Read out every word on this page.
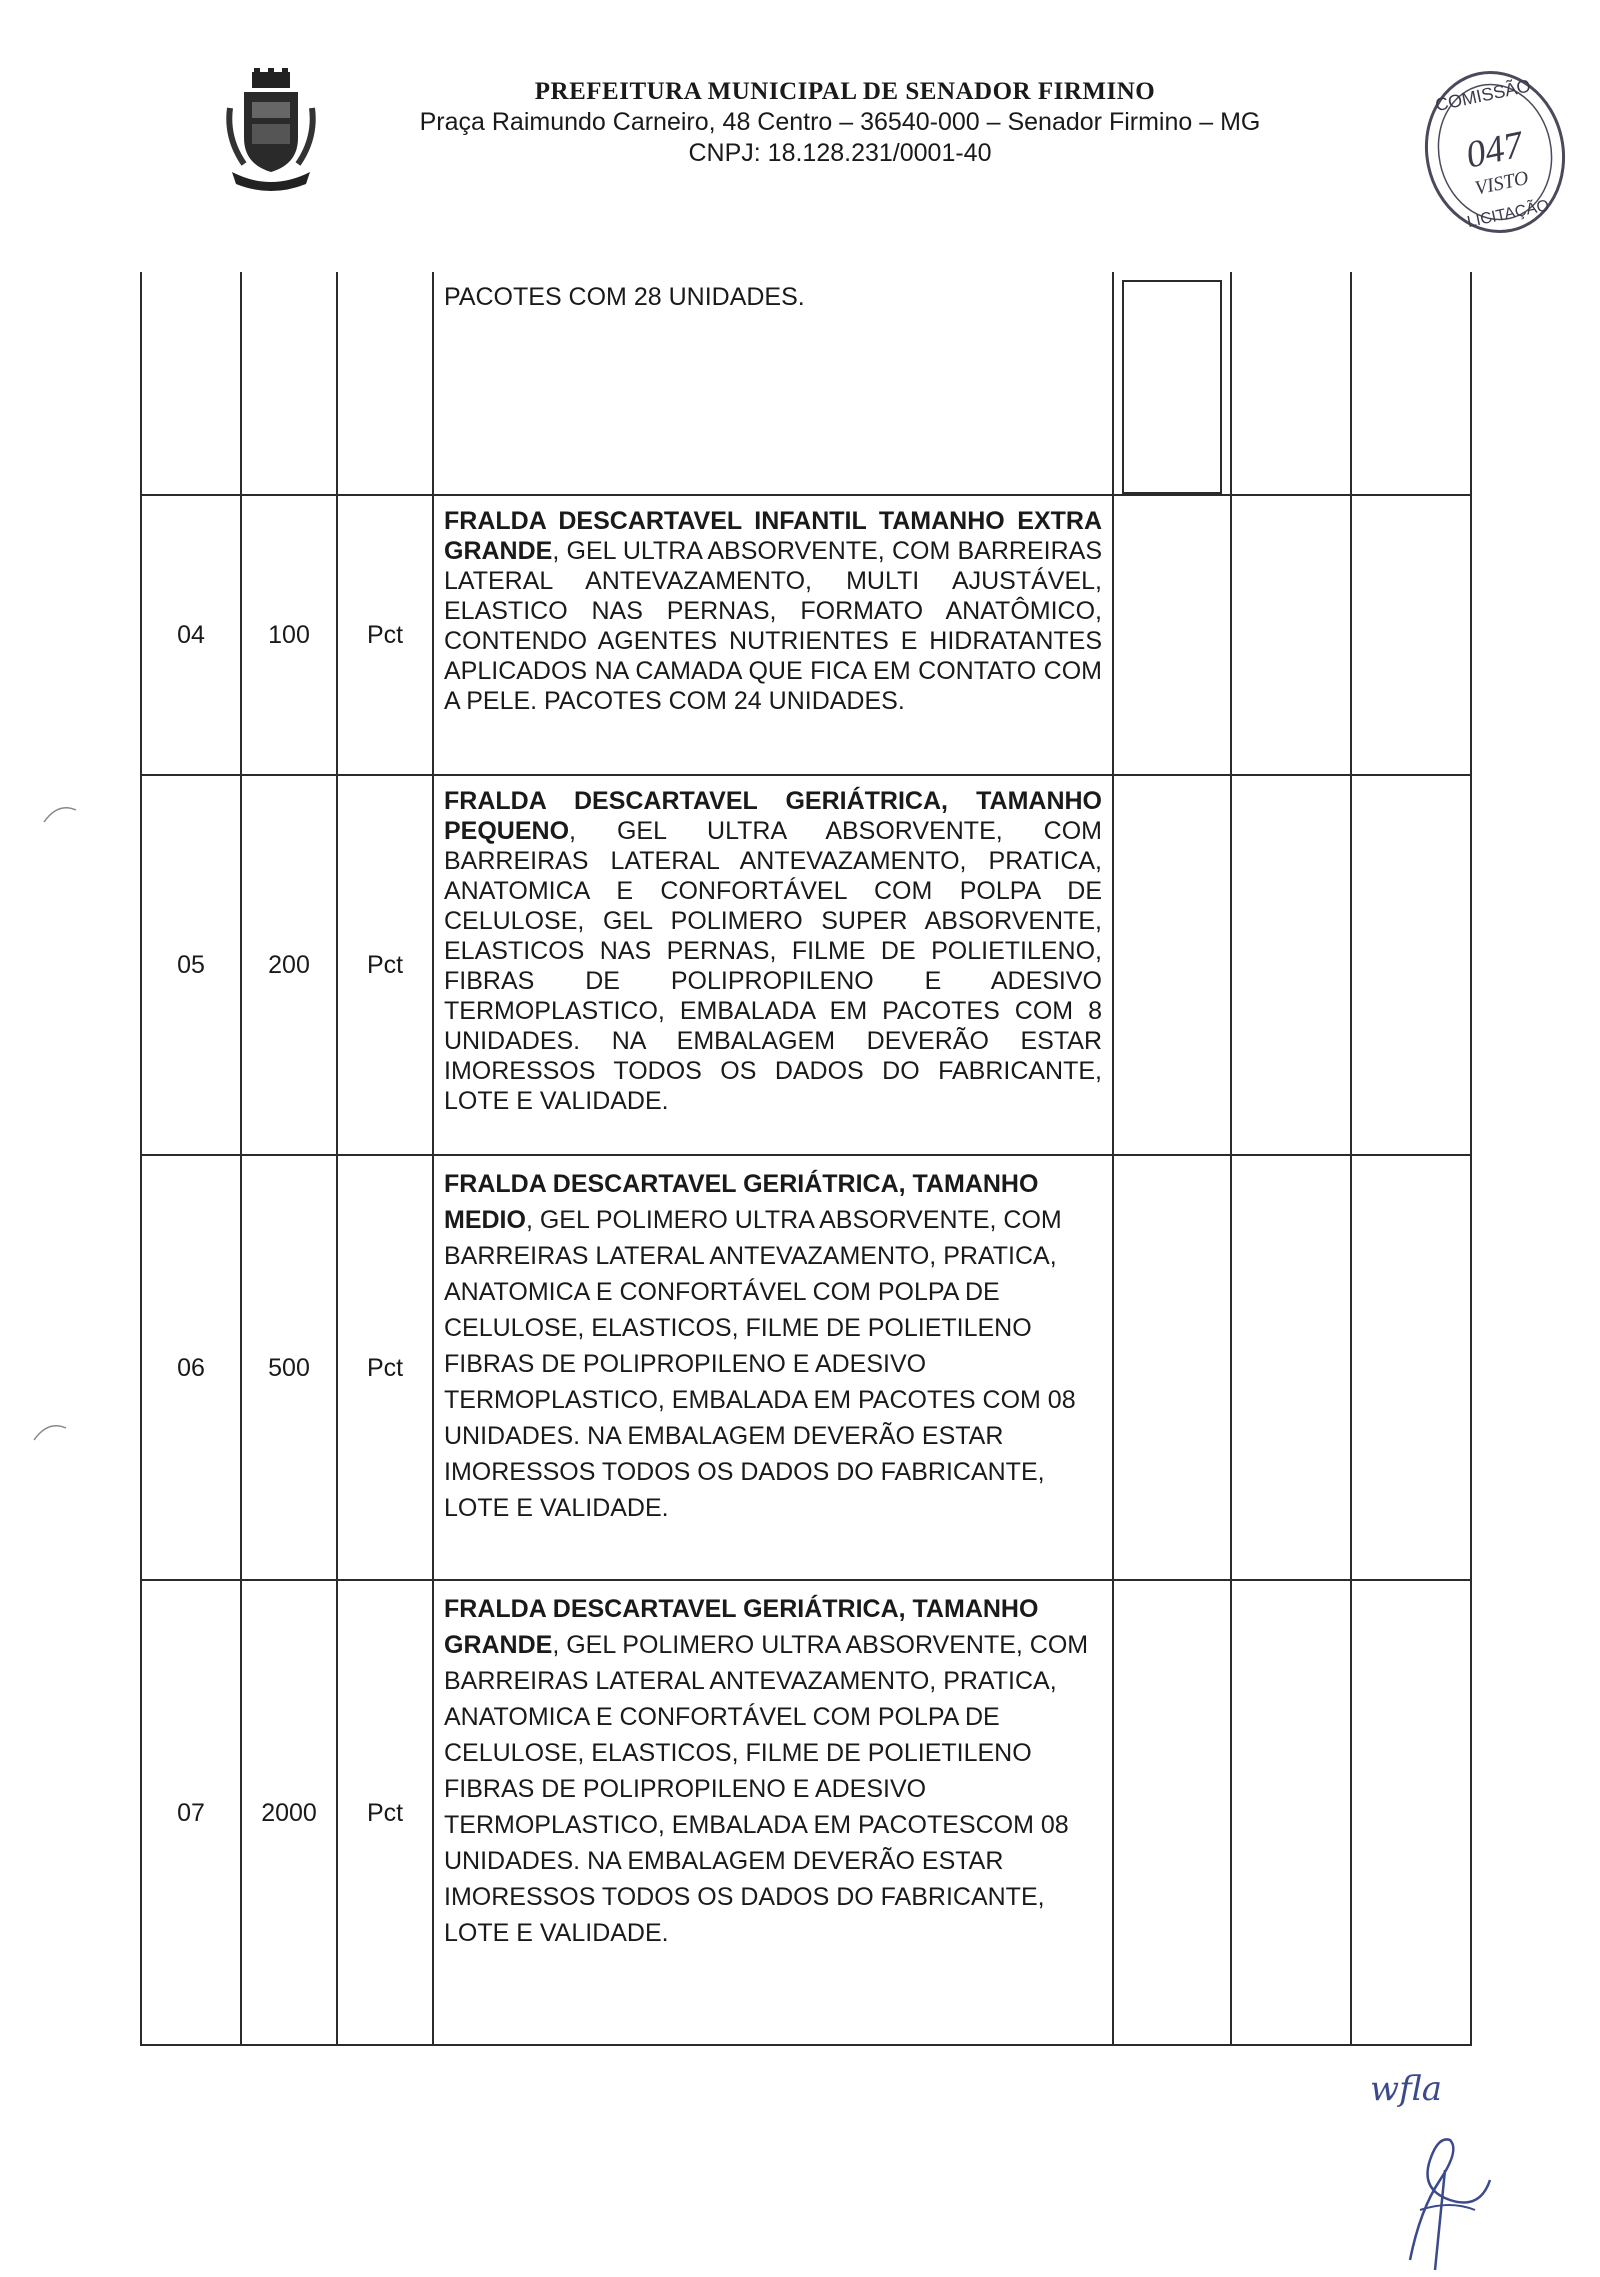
PREFEITURA MUNICIPAL DE SENADOR FIRMINO

Praça Raimundo Carneiro, 48 Centro – 36540-000 – Senador Firmino – MG

CNPJ: 18.128.231/0001-40

COMISSÃO
047
VISTO
LICITAÇÃO

			PACOTES COM 28 UNIDADES.			

04	100	Pct	FRALDA DESCARTAVEL INFANTIL TAMANHO EXTRA GRANDE, GEL ULTRA ABSORVENTE, COM BARREIRAS LATERAL ANTEVAZAMENTO, MULTI AJUSTÁVEL, ELASTICO NAS PERNAS, FORMATO ANATÔMICO, CONTENDO AGENTES NUTRIENTES E HIDRATANTES APLICADOS NA CAMADA QUE FICA EM CONTATO COM A PELE. PACOTES COM 24 UNIDADES.			

05	200	Pct	FRALDA DESCARTAVEL GERIÁTRICA, TAMANHO PEQUENO, GEL ULTRA ABSORVENTE, COM BARREIRAS LATERAL ANTEVAZAMENTO, PRATICA, ANATOMICA E CONFORTÁVEL COM POLPA DE CELULOSE, GEL POLIMERO SUPER ABSORVENTE, ELASTICOS NAS PERNAS, FILME DE POLIETILENO, FIBRAS DE POLIPROPILENO E ADESIVO TERMOPLASTICO, EMBALADA EM PACOTES COM 8 UNIDADES. NA EMBALAGEM DEVERÃO ESTAR IMORESSOS TODOS OS DADOS DO FABRICANTE, LOTE E VALIDADE.			

06	500	Pct	FRALDA DESCARTAVEL GERIÁTRICA, TAMANHO MEDIO, GEL POLIMERO ULTRA ABSORVENTE, COM BARREIRAS LATERAL ANTEVAZAMENTO, PRATICA, ANATOMICA E CONFORTÁVEL COM POLPA DE CELULOSE, ELASTICOS, FILME DE POLIETILENO FIBRAS DE POLIPROPILENO E ADESIVO TERMOPLASTICO, EMBALADA EM PACOTES COM 08 UNIDADES. NA EMBALAGEM DEVERÃO ESTAR IMORESSOS TODOS OS DADOS DO FABRICANTE, LOTE E VALIDADE.			

07	2000	Pct	FRALDA DESCARTAVEL GERIÁTRICA, TAMANHO GRANDE, GEL POLIMERO ULTRA ABSORVENTE, COM BARREIRAS LATERAL ANTEVAZAMENTO, PRATICA, ANATOMICA E CONFORTÁVEL COM POLPA DE CELULOSE, ELASTICOS, FILME DE POLIETILENO FIBRAS DE POLIPROPILENO E ADESIVO TERMOPLASTICO, EMBALADA EM PACOTESCOM 08 UNIDADES. NA EMBALAGEM DEVERÃO ESTAR IMORESSOS TODOS OS DADOS DO FABRICANTE, LOTE E VALIDADE.			

wfla
